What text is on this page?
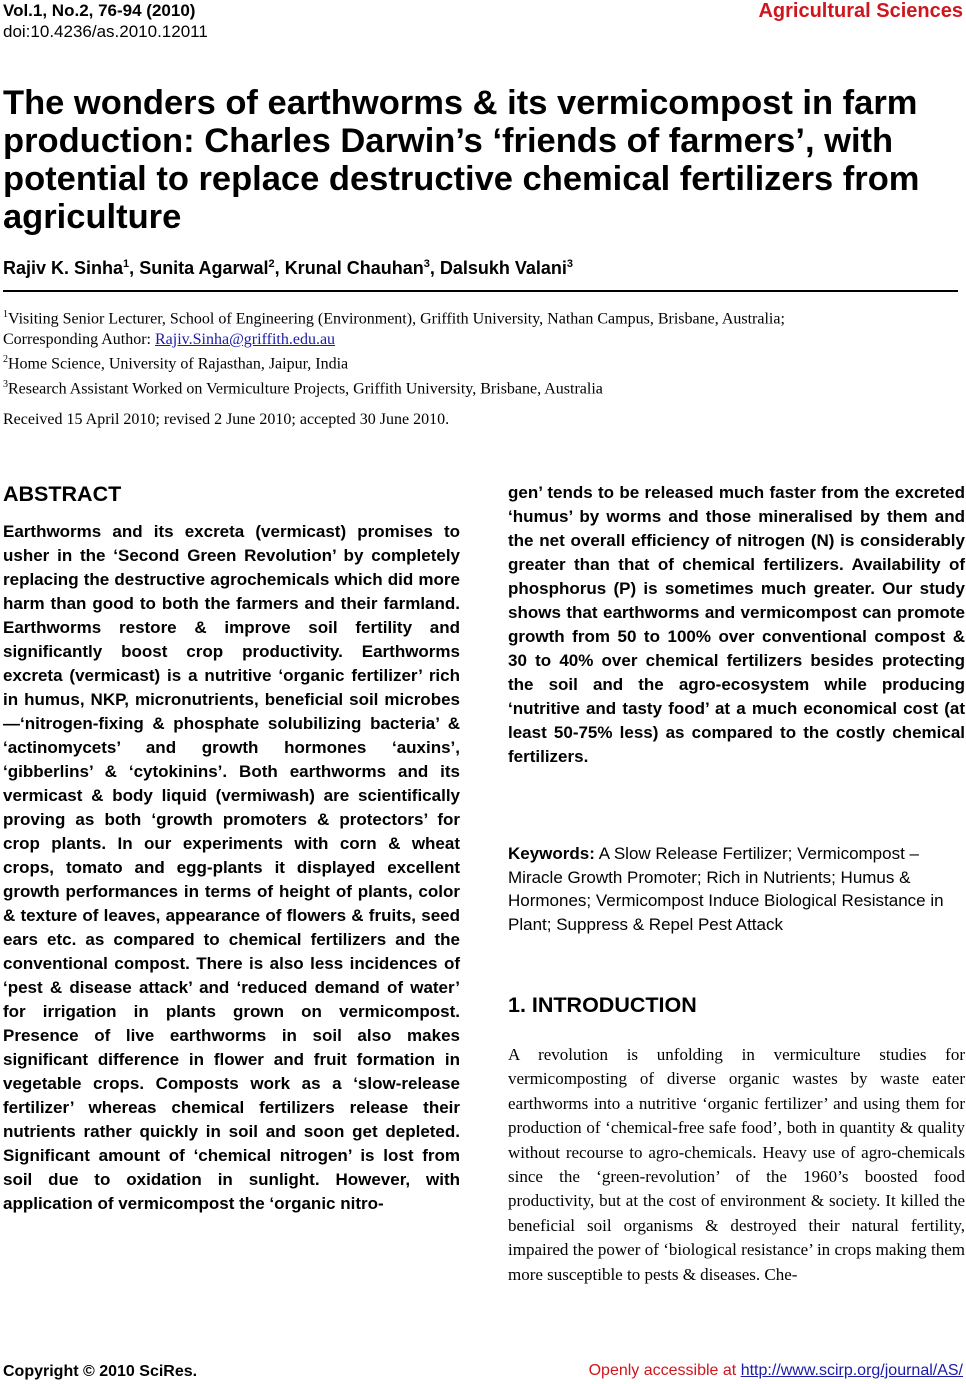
Vol.1, No.2, 76-94 (2010)
doi:10.4236/as.2010.12011
Agricultural Sciences
The wonders of earthworms & its vermicompost in farm production: Charles Darwin’s ‘friends of farmers’, with potential to replace destructive chemical fertilizers from agriculture
Rajiv K. Sinha$^1$, Sunita Agarwal$^2$, Krunal Chauhan$^3$, Dalsukh Valani$^3$
$^1$Visiting Senior Lecturer, School of Engineering (Environment), Griffith University, Nathan Campus, Brisbane, Australia;
Corresponding Author: Rajiv.Sinha@griffith.edu.au
$^2$Home Science, University of Rajasthan, Jaipur, India
$^3$Research Assistant Worked on Vermiculture Projects, Griffith University, Brisbane, Australia
Received 15 April 2010; revised 2 June 2010; accepted 30 June 2010.
ABSTRACT
Earthworms and its excreta (vermicast) promises to usher in the ‘Second Green Revolution’ by completely replacing the destructive agrochemicals which did more harm than good to both the farmers and their farmland. Earthworms restore & improve soil fertility and significantly boost crop productivity. Earthworms excreta (vermicast) is a nutritive ‘organic fertilizer’ rich in humus, NKP, micronutrients, beneficial soil microbes—‘nitrogen-fixing & phosphate solubilizing bacteria’ & ‘actinomycets’ and growth hormones ‘auxins’, ‘gibberlins’ & ‘cytokinins’. Both earthworms and its vermicast & body liquid (vermiwash) are scientifically proving as both ‘growth promoters & protectors’ for crop plants. In our experiments with corn & wheat crops, tomato and egg-plants it displayed excellent growth performances in terms of height of plants, color & texture of leaves, appearance of flowers & fruits, seed ears etc. as compared to chemical fertilizers and the conventional compost. There is also less incidences of ‘pest & disease attack’ and ‘reduced demand of water’ for irrigation in plants grown on vermicompost. Presence of live earthworms in soil also makes significant difference in flower and fruit formation in vegetable crops. Composts work as a ‘slow-release fertilizer’ whereas chemical fertilizers release their nutrients rather quickly in soil and soon get depleted. Significant amount of ‘chemical nitrogen’ is lost from soil due to oxidation in sunlight. However, with application of vermicompost the ‘organic nitro-
gen’ tends to be released much faster from the excreted ‘humus’ by worms and those mineralised by them and the net overall efficiency of nitrogen (N) is considerably greater than that of chemical fertilizers. Availability of phosphorus (P) is sometimes much greater. Our study shows that earthworms and vermicompost can promote growth from 50 to 100% over conventional compost & 30 to 40% over chemical fertilizers besides protecting the soil and the agro-ecosystem while producing ‘nutritive and tasty food’ at a much economical cost (at least 50-75% less) as compared to the costly chemical fertilizers.
Keywords: A Slow Release Fertilizer; Vermicompost – Miracle Growth Promoter; Rich in Nutrients; Humus & Hormones; Vermicompost Induce Biological Resistance in Plant; Suppress & Repel Pest Attack
1. INTRODUCTION
A revolution is unfolding in vermiculture studies for vermicomposting of diverse organic wastes by waste eater earthworms into a nutritive ‘organic fertilizer’ and using them for production of ‘chemical-free safe food’, both in quantity & quality without recourse to agro-chemicals. Heavy use of agro-chemicals since the ‘green-revolution’ of the 1960’s boosted food productivity, but at the cost of environment & society. It killed the beneficial soil organisms & destroyed their natural fertility, impaired the power of ‘biological resistance’ in crops making them more susceptible to pests & diseases. Che-
Copyright © 2010 SciRes.	Openly accessible at http://www.scirp.org/journal/AS/
